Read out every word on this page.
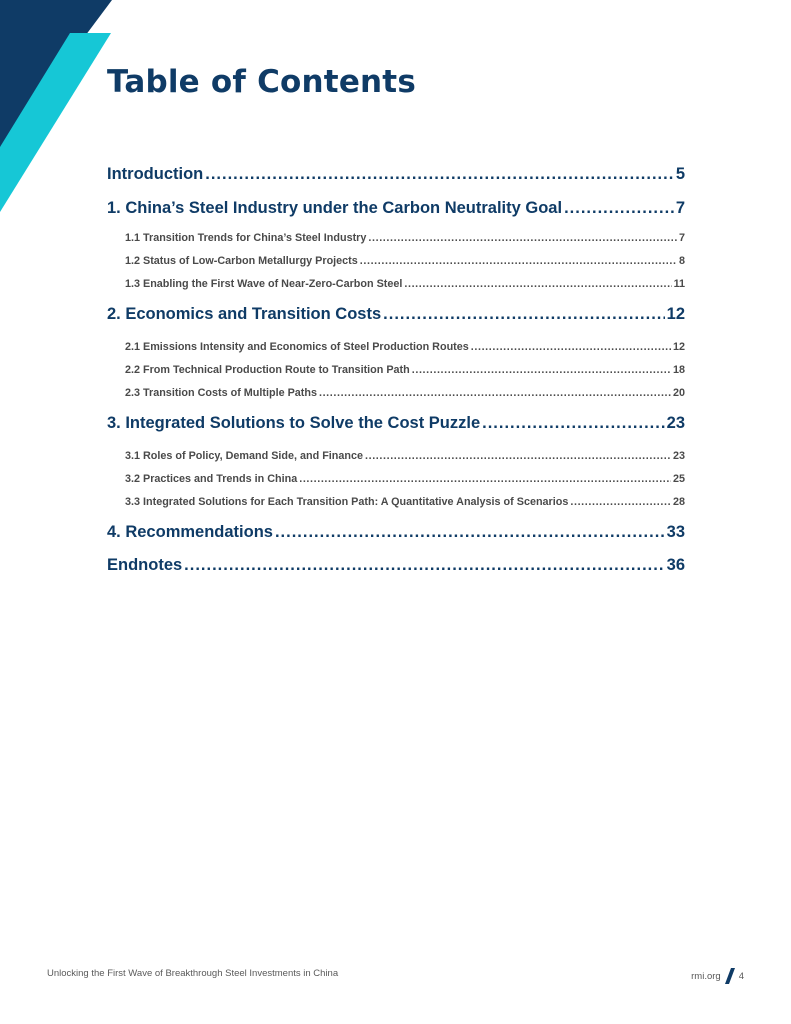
Table of Contents
Introduction .....	5
1. China’s Steel Industry under the Carbon Neutrality Goal .....	7
1.1 Transition Trends for China’s Steel Industry .....	7
1.2 Status of Low-Carbon Metallurgy Projects .....	8
1.3 Enabling the First Wave of Near-Zero-Carbon Steel .....	11
2. Economics and Transition Costs .....	12
2.1 Emissions Intensity and Economics of Steel Production Routes .....	12
2.2 From Technical Production Route to Transition Path .....	18
2.3 Transition Costs of Multiple Paths .....	20
3. Integrated Solutions to Solve the Cost Puzzle .....	23
3.1 Roles of Policy, Demand Side, and Finance .....	23
3.2 Practices and Trends in China .....	25
3.3 Integrated Solutions for Each Transition Path: A Quantitative Analysis of Scenarios .....	28
4. Recommendations .....	33
Endnotes .....	36
Unlocking the First Wave of Breakthrough Steel Investments in China	rmi.org 4
